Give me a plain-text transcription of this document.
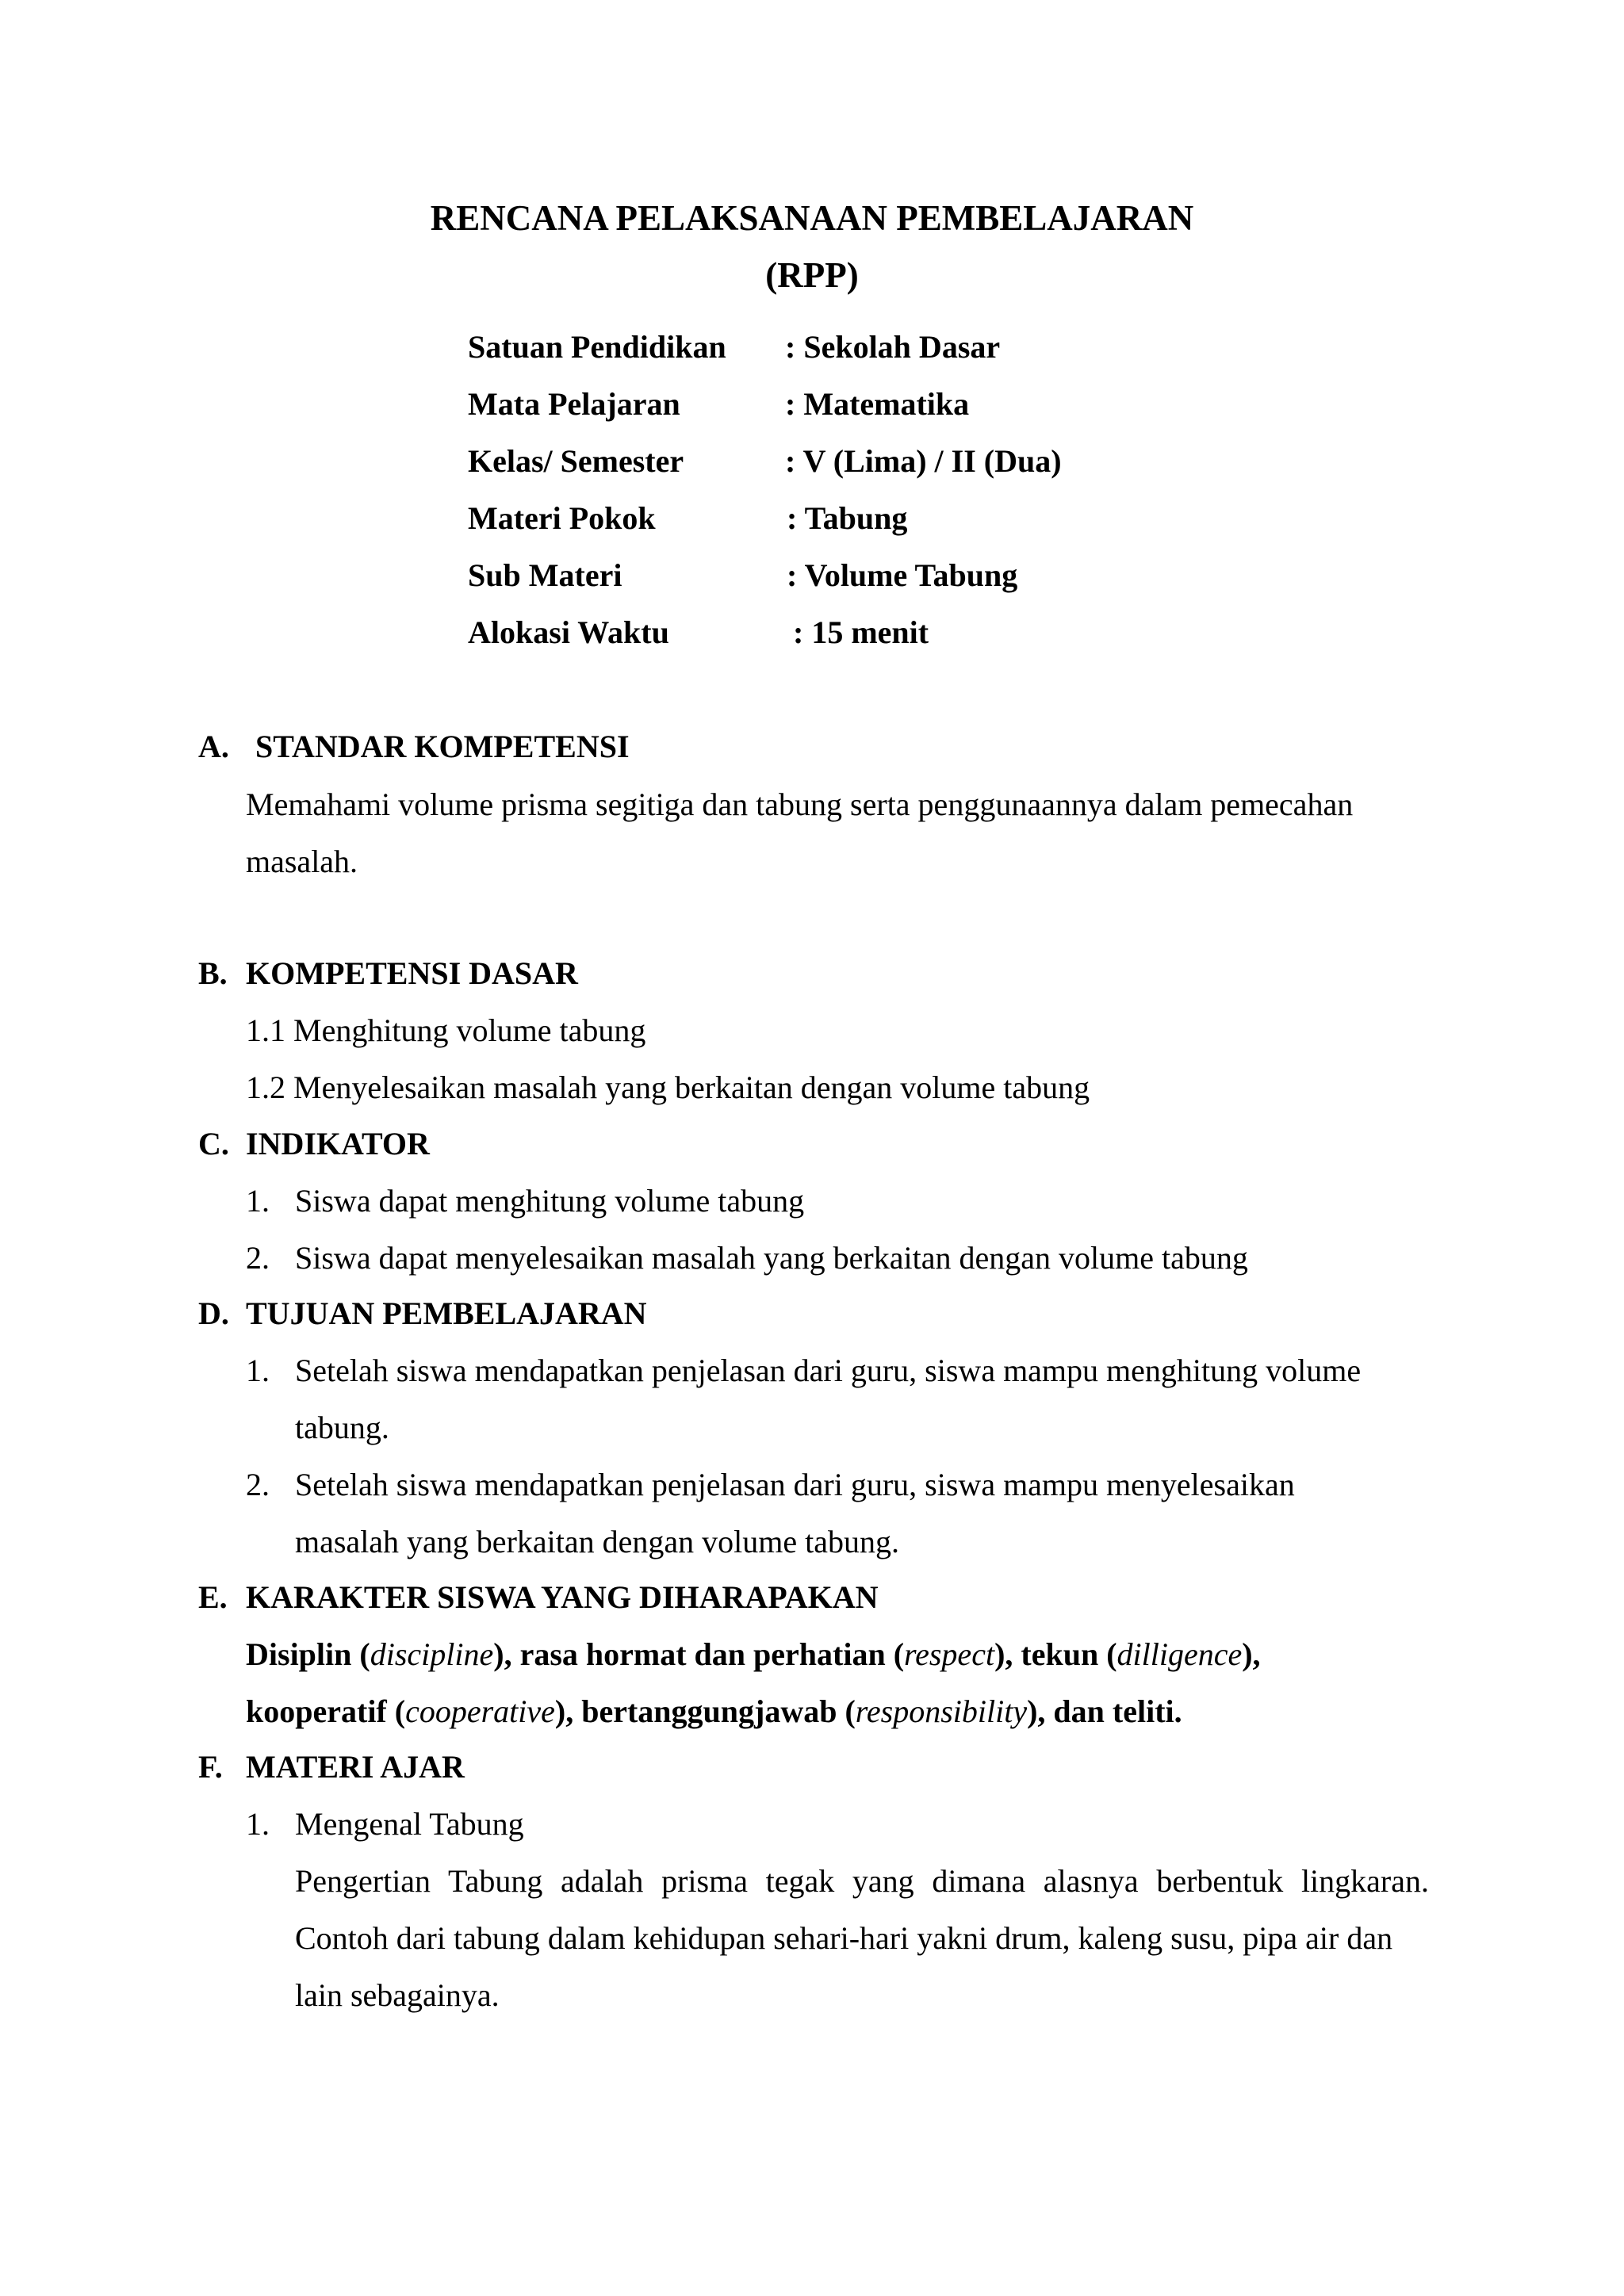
RENCANA PELAKSANAAN PEMBELAJARAN
(RPP)
Satuan Pendidikan : Sekolah Dasar
Mata Pelajaran	: Matematika
Kelas/ Semester	: V (Lima) / II (Dua)
Materi Pokok	: Tabung
Sub Materi	: Volume Tabung
Alokasi Waktu	: 15 menit
A. STANDAR KOMPETENSI
Memahami volume prisma segitiga dan tabung serta penggunaannya dalam pemecahan
masalah.
B. KOMPETENSI DASAR
1.1 Menghitung volume tabung
1.2 Menyelesaikan masalah yang berkaitan dengan volume tabung
C. INDIKATOR
1. Siswa dapat menghitung volume tabung
2. Siswa dapat menyelesaikan masalah yang berkaitan dengan volume tabung
D. TUJUAN PEMBELAJARAN
1. Setelah siswa mendapatkan penjelasan dari guru, siswa mampu menghitung volume
tabung.
2. Setelah siswa mendapatkan penjelasan dari guru, siswa mampu menyelesaikan
masalah yang berkaitan dengan volume tabung.
E. KARAKTER SISWA YANG DIHARAPAKAN
Disiplin (discipline), rasa hormat dan perhatian (respect), tekun (dilligence),
kooperatif (cooperative), bertanggungjawab (responsibility), dan teliti.
F. MATERI AJAR
1. Mengenal Tabung
Pengertian Tabung adalah prisma tegak yang dimana alasnya berbentuk lingkaran.
Contoh dari tabung dalam kehidupan sehari-hari yakni drum, kaleng susu, pipa air dan
lain sebagainya.
